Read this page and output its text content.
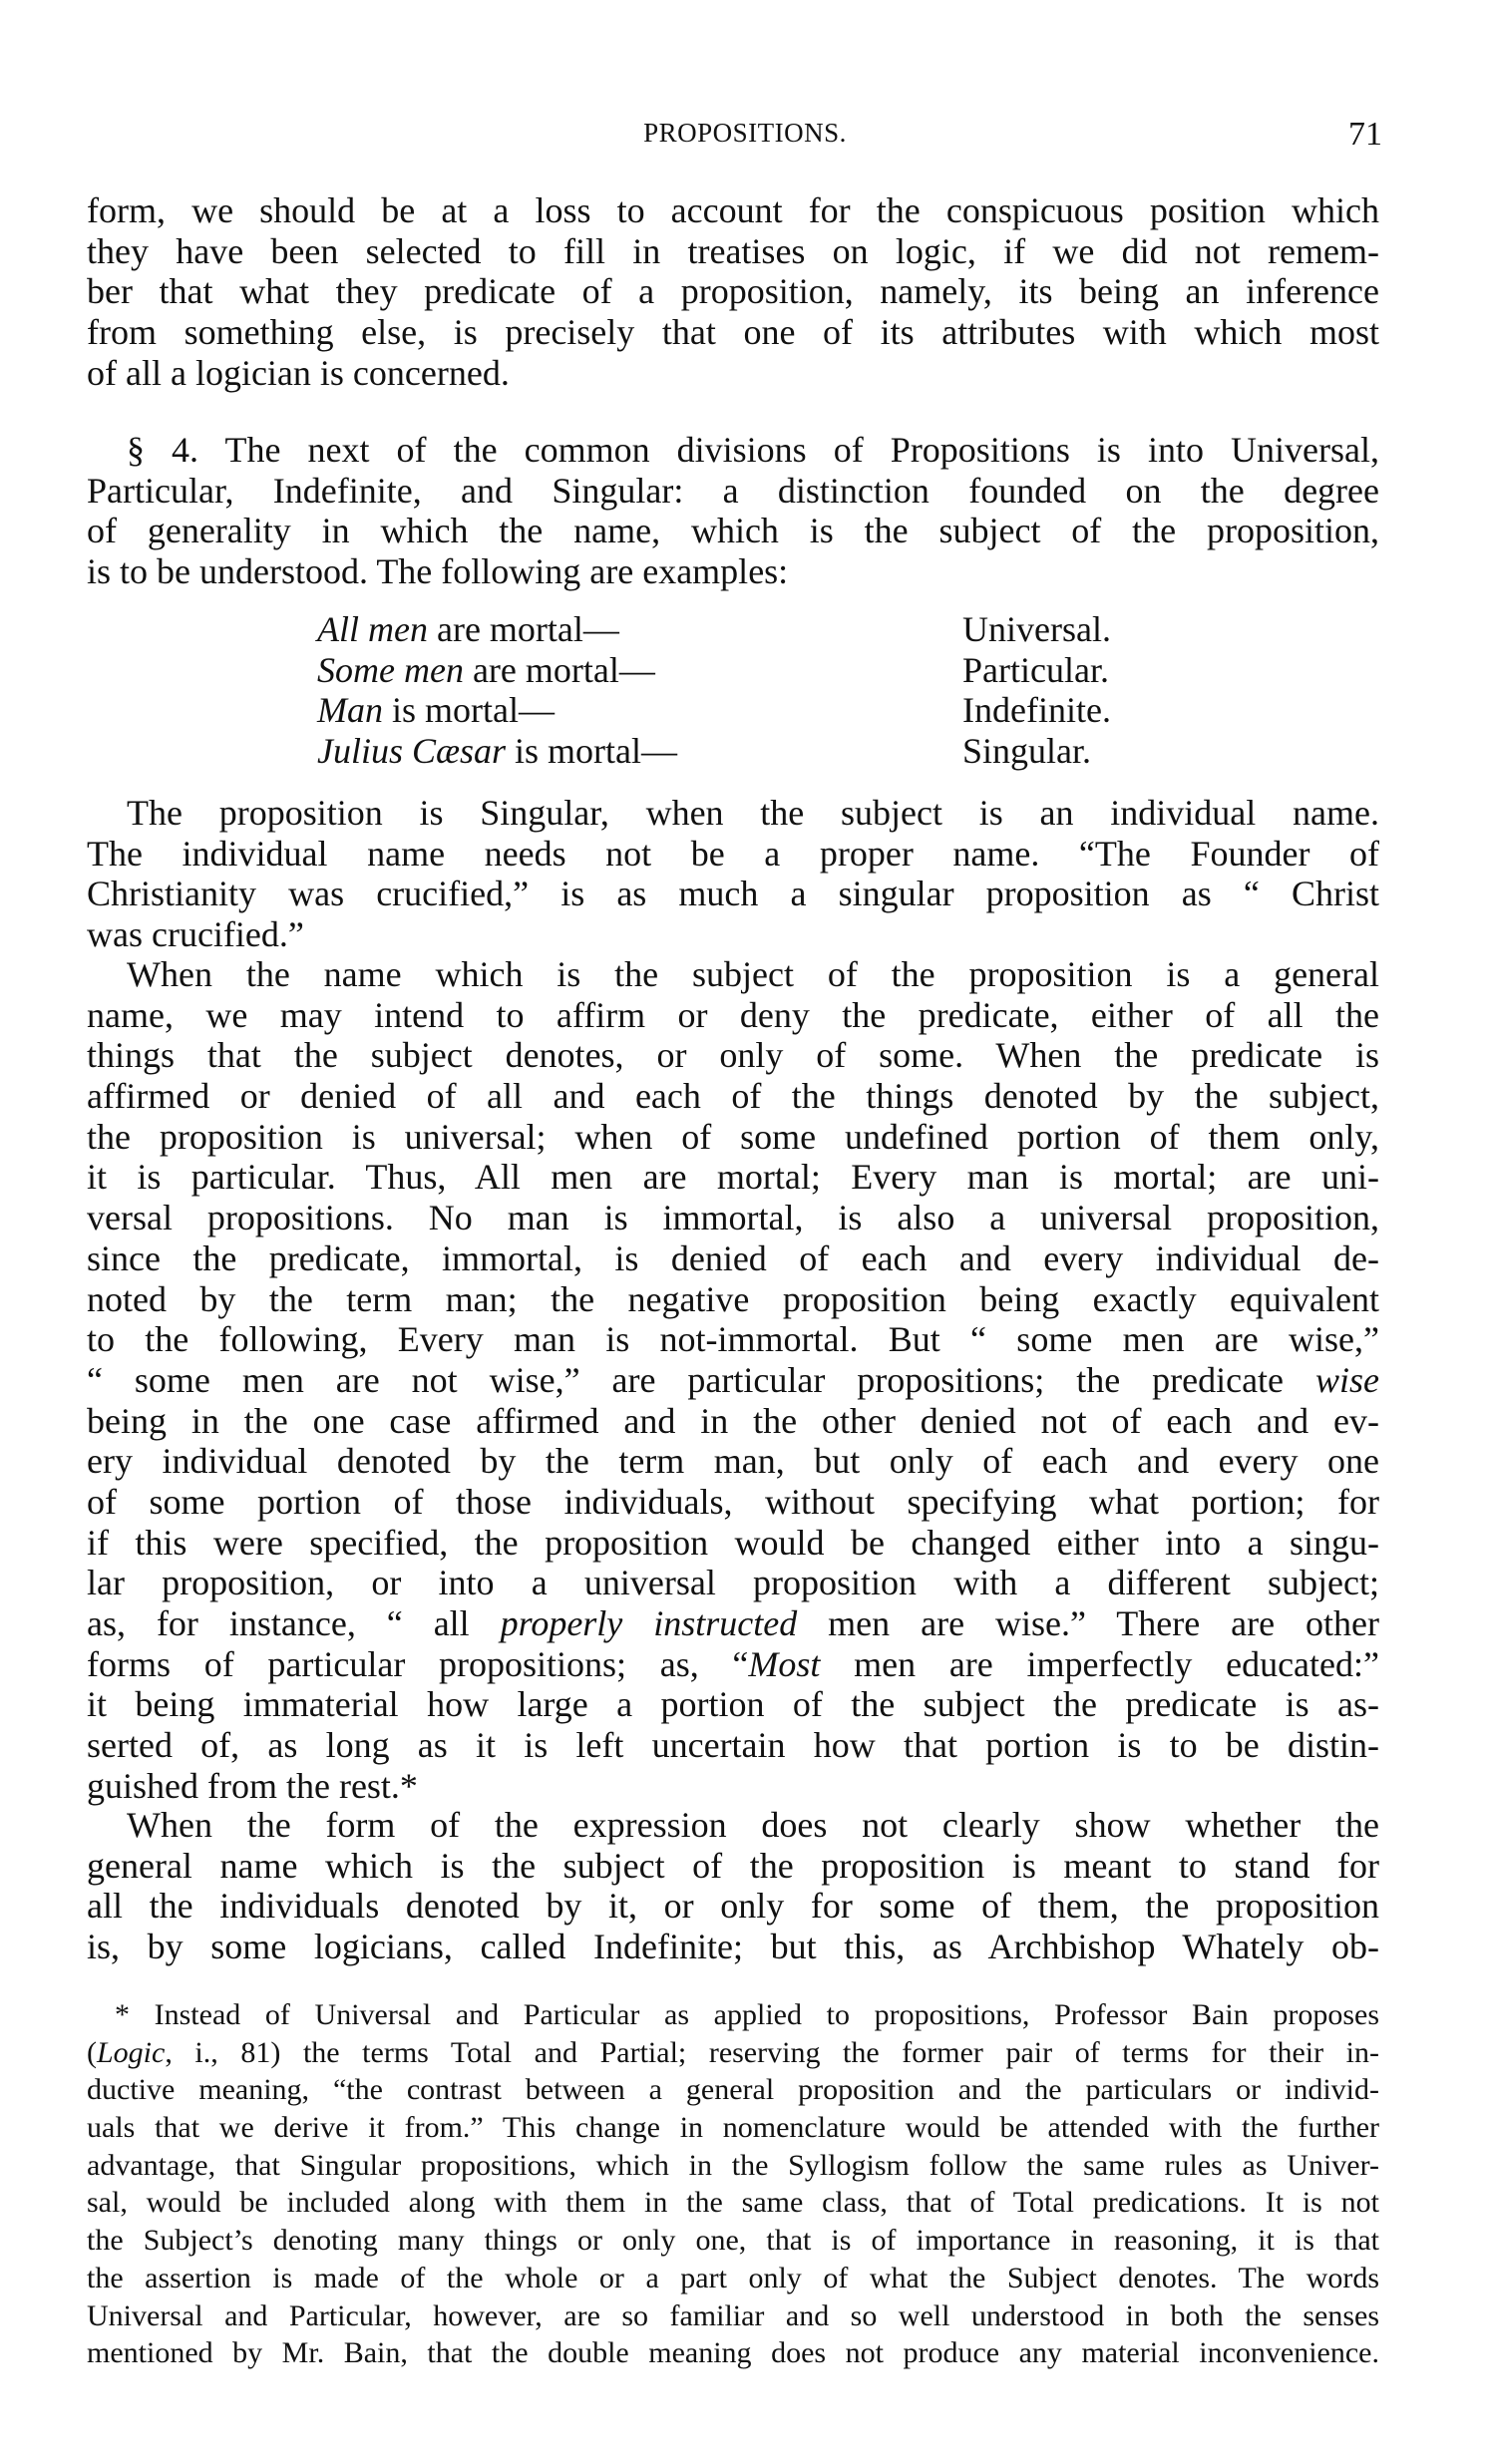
PROPOSITIONS.	71
form, we should be at a loss to account for the conspicuous position which
they have been selected to fill in treatises on logic, if we did not remem-
ber that what they predicate of a proposition, namely, its being an inference
from something else, is precisely that one of its attributes with which most
of all a logician is concerned.
§ 4. The next of the common divisions of Propositions is into Universal,
Particular, Indefinite, and Singular: a distinction founded on the degree
of generality in which the name, which is the subject of the proposition,
is to be understood. The following are examples:
All men are mortal—	Universal.
Some men are mortal—	Particular.
Man is mortal—	Indefinite.
Julius Cæsar is mortal—	Singular.
The proposition is Singular, when the subject is an individual name.
The individual name needs not be a proper name. “The Founder of
Christianity was crucified,” is as much a singular proposition as “ Christ
was crucified.”
When the name which is the subject of the proposition is a general
name, we may intend to affirm or deny the predicate, either of all the
things that the subject denotes, or only of some. When the predicate is
affirmed or denied of all and each of the things denoted by the subject,
the proposition is universal; when of some undefined portion of them only,
it is particular. Thus, All men are mortal; Every man is mortal; are uni-
versal propositions. No man is immortal, is also a universal proposition,
since the predicate, immortal, is denied of each and every individual de-
noted by the term man; the negative proposition being exactly equivalent
to the following, Every man is not-immortal. But “ some men are wise,”
“ some men are not wise,” are particular propositions; the predicate wise
being in the one case affirmed and in the other denied not of each and ev-
ery individual denoted by the term man, but only of each and every one
of some portion of those individuals, without specifying what portion; for
if this were specified, the proposition would be changed either into a singu-
lar proposition, or into a universal proposition with a different subject;
as, for instance, “ all properly instructed men are wise.” There are other
forms of particular propositions; as, “Most men are imperfectly educated:”
it being immaterial how large a portion of the subject the predicate is as-
serted of, as long as it is left uncertain how that portion is to be distin-
guished from the rest.*
When the form of the expression does not clearly show whether the
general name which is the subject of the proposition is meant to stand for
all the individuals denoted by it, or only for some of them, the proposition
is, by some logicians, called Indefinite; but this, as Archbishop Whately ob-
* Instead of Universal and Particular as applied to propositions, Professor Bain proposes
(Logic, i., 81) the terms Total and Partial; reserving the former pair of terms for their in-
ductive meaning, “the contrast between a general proposition and the particulars or individ-
uals that we derive it from.” This change in nomenclature would be attended with the further
advantage, that Singular propositions, which in the Syllogism follow the same rules as Univer-
sal, would be included along with them in the same class, that of Total predications. It is not
the Subject’s denoting many things or only one, that is of importance in reasoning, it is that
the assertion is made of the whole or a part only of what the Subject denotes. The words
Universal and Particular, however, are so familiar and so well understood in both the senses
mentioned by Mr. Bain, that the double meaning does not produce any material inconvenience.
